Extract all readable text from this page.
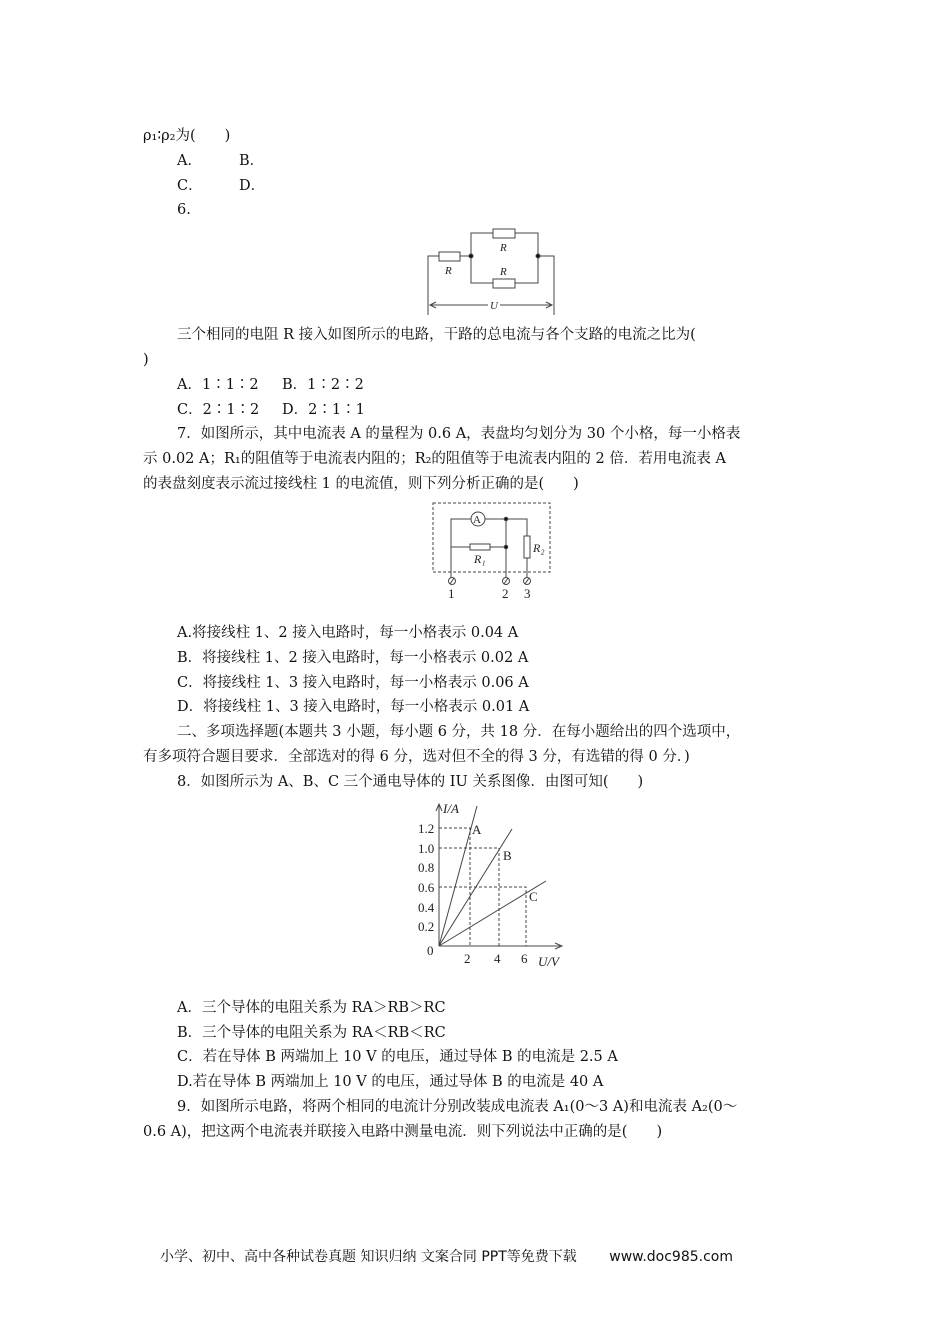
ρ₁∶ρ₂为(　　)
A．	B．
C．	D．
6.
R
R
R
U
A
R₁
R₂
1	2 3
I/A
U/V
0
2 4 6
0.2
0.4
0.6
0.8
1.0
1.2	A
B
C
三个相同的电阻 R 接入如图所示的电路，干路的总电流与各个支路的电流之比为(
)
A．1∶1∶2 B．1∶2∶2
C．2∶1∶2 D．2∶1∶1
7．如图所示，其中电流表 A 的量程为 0.6 A，表盘均匀划分为 30 个小格，每一小格表
示 0.02 A；R₁的阻值等于电流表内阻的；R₂的阻值等于电流表内阻的 2 倍．若用电流表 A
的表盘刻度表示流过接线柱 1 的电流值，则下列分析正确的是(　　)
A.将接线柱 1、2 接入电路时，每一小格表示 0.04 A
B．将接线柱 1、2 接入电路时，每一小格表示 0.02 A
C．将接线柱 1、3 接入电路时，每一小格表示 0.06 A
D．将接线柱 1、3 接入电路时，每一小格表示 0.01 A
二、多项选择题(本题共 3 小题，每小题 6 分，共 18 分．在每小题给出的四个选项中，
有多项符合题目要求．全部选对的得 6 分，选对但不全的得 3 分，有选错的得 0 分．)
8．如图所示为 A、B、C 三个通电导体的 IU 关系图像．由图可知(　　)
A．三个导体的电阻关系为 RA＞RB＞RC
B．三个导体的电阻关系为 RA＜RB＜RC
C．若在导体 B 两端加上 10 V 的电压，通过导体 B 的电流是 2.5 A
D.若在导体 B 两端加上 10 V 的电压，通过导体 B 的电流是 40 A
9．如图所示电路，将两个相同的电流计分别改装成电流表 A₁(0～3 A)和电流表 A₂(0～
0.6 A)，把这两个电流表并联接入电路中测量电流．则下列说法中正确的是(　　)
小学、初中、高中各种试卷真题 知识归纳 文案合同 PPT等免费下载 www.doc985.com
